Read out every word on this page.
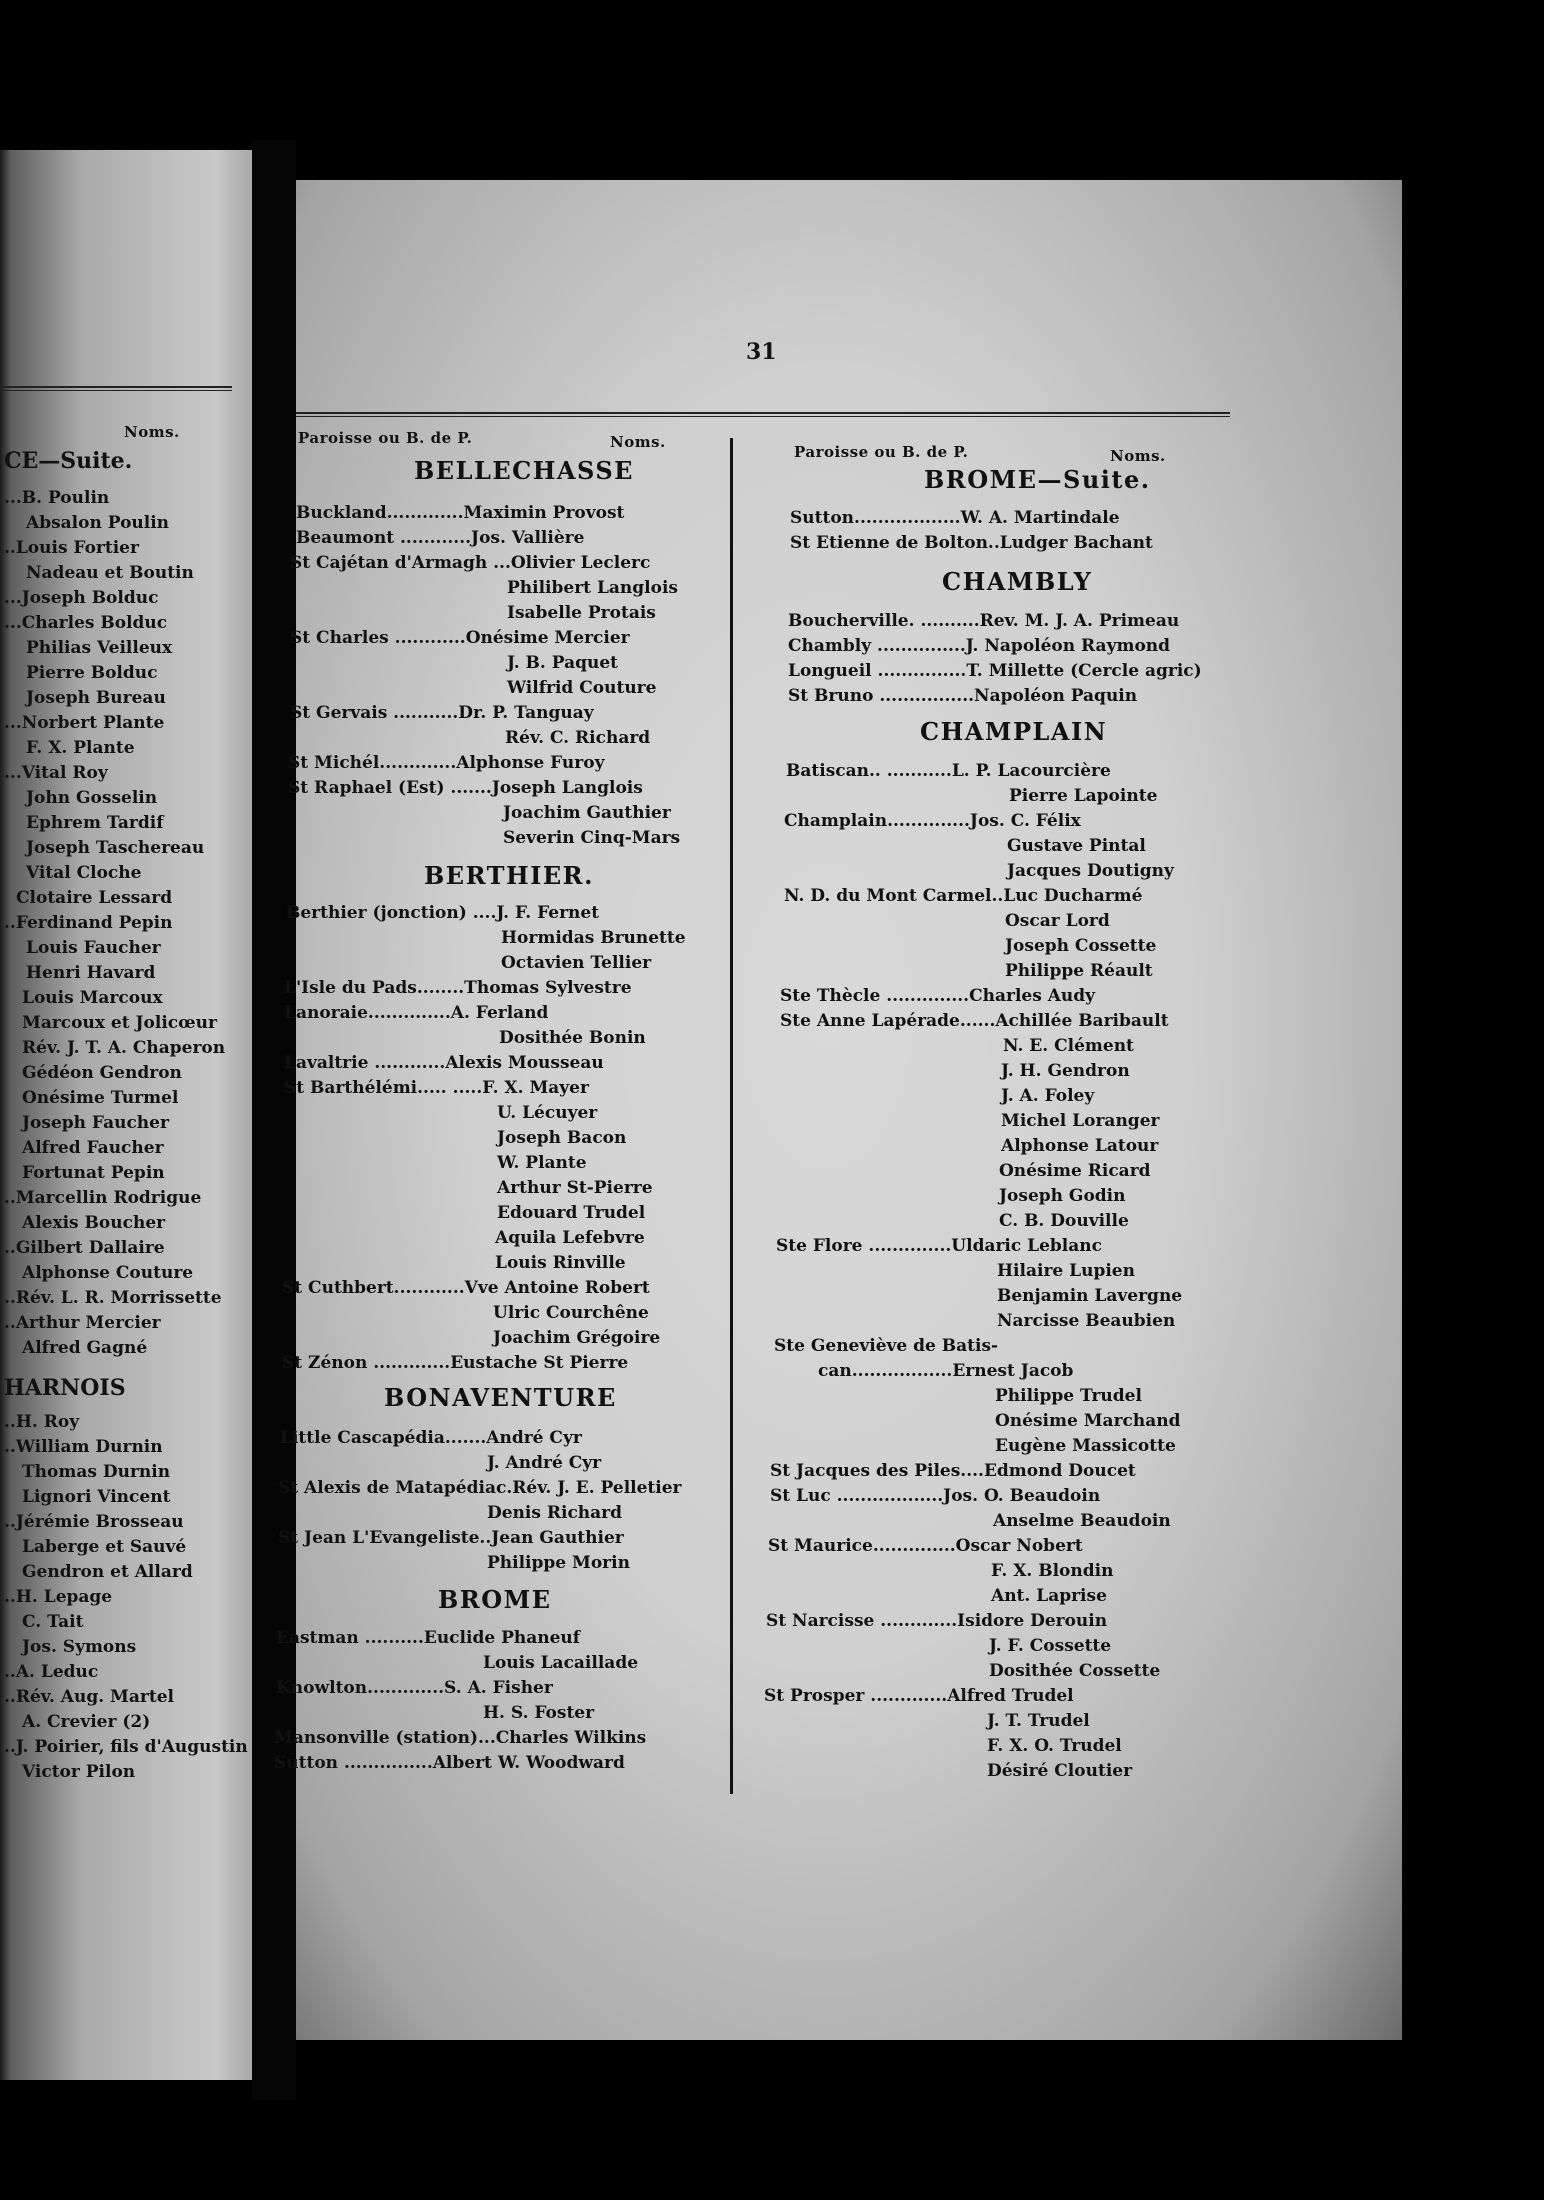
31
Noms.	Paroisse ou B. de P.	Noms.
Paroisse ou B. de P.	Noms.
CE—Suite.
...B. Poulin
Absalon Poulin
..Louis Fortier
Nadeau et Boutin
...Joseph Bolduc
...Charles Bolduc
Philias Veilleux
Pierre Bolduc
Joseph Bureau
...Norbert Plante
F. X. Plante
...Vital Roy
John Gosselin
Ephrem Tardif
Joseph Taschereau
Vital Cloche
Clotaire Lessard
..Ferdinand Pepin
Louis Faucher
Henri Havard
Louis Marcoux
Marcoux et Jolicœur
Rév. J. T. A. Chaperon
Gédéon Gendron
Onésime Turmel
Joseph Faucher
Alfred Faucher
Fortunat Pepin
..Marcellin Rodrigue
Alexis Boucher
..Gilbert Dallaire
Alphonse Couture
..Rév. L. R. Morrissette
..Arthur Mercier
Alfred Gagné
HARNOIS
..H. Roy
..William Durnin
Thomas Durnin
Lignori Vincent
..Jérémie Brosseau
Laberge et Sauvé
Gendron et Allard
..H. Lepage
C. Tait
Jos. Symons
..A. Leduc
..Rév. Aug. Martel
A. Crevier (2)
..J. Poirier, fils d'Augustin
Victor Pilon
BELLECHASSE
Buckland.............Maximin Provost
Beaumont ............Jos. Vallière
St Cajétan d'Armagh ...Olivier Leclerc
Philibert Langlois
Isabelle Protais
St Charles ............Onésime Mercier
J. B. Paquet
Wilfrid Couture
St Gervais ...........Dr. P. Tanguay
Rév. C. Richard
St Michél.............Alphonse Furoy
St Raphael (Est) .......Joseph Langlois
Joachim Gauthier
Severin Cinq-Mars
BERTHIER.
Berthier (jonction) ....J. F. Fernet
Hormidas Brunette
Octavien Tellier
L'Isle du Pads........Thomas Sylvestre
Lanoraie..............A. Ferland
Dosithée Bonin
Lavaltrie ............Alexis Mousseau
St Barthélémi..... .....F. X. Mayer
U. Lécuyer
Joseph Bacon
W. Plante
Arthur St-Pierre
Edouard Trudel
Aquila Lefebvre
Louis Rinville
St Cuthbert............Vve Antoine Robert
Ulric Courchêne
Joachim Grégoire
St Zénon .............Eustache St Pierre
BONAVENTURE
Little Cascapédia.......André Cyr
J. André Cyr
St Alexis de Matapédiac.Rév. J. E. Pelletier
Denis Richard
St Jean L'Evangeliste..Jean Gauthier
Philippe Morin
BROME
Eastman ..........Euclide Phaneuf
Louis Lacaillade
Knowlton.............S. A. Fisher
H. S. Foster
Mansonville (station)...Charles Wilkins
Sutton ...............Albert W. Woodward
BROME—Suite.
Sutton..................W. A. Martindale
St Etienne de Bolton..Ludger Bachant
CHAMBLY
Boucherville. ..........Rev. M. J. A. Primeau
Chambly ...............J. Napoléon Raymond
Longueil ...............T. Millette (Cercle agric)
St Bruno ................Napoléon Paquin
CHAMPLAIN
Batiscan.. ...........L. P. Lacourcière
Pierre Lapointe
Champlain..............Jos. C. Félix
Gustave Pintal
Jacques Doutigny
N. D. du Mont Carmel..Luc Ducharmé
Oscar Lord
Joseph Cossette
Philippe Réault
Ste Thècle ..............Charles Audy
Ste Anne Lapérade......Achillée Baribault
N. E. Clément
J. H. Gendron
J. A. Foley
Michel Loranger
Alphonse Latour
Onésime Ricard
Joseph Godin
C. B. Douville
Ste Flore ..............Uldaric Leblanc
Hilaire Lupien
Benjamin Lavergne
Narcisse Beaubien
Ste Geneviève de Batis-
can.................Ernest Jacob
Philippe Trudel
Onésime Marchand
Eugène Massicotte
St Jacques des Piles....Edmond Doucet
St Luc ..................Jos. O. Beaudoin
Anselme Beaudoin
St Maurice..............Oscar Nobert
F. X. Blondin
Ant. Laprise
St Narcisse .............Isidore Derouin
J. F. Cossette
Dosithée Cossette
St Prosper .............Alfred Trudel
J. T. Trudel
F. X. O. Trudel
Désiré Cloutier
